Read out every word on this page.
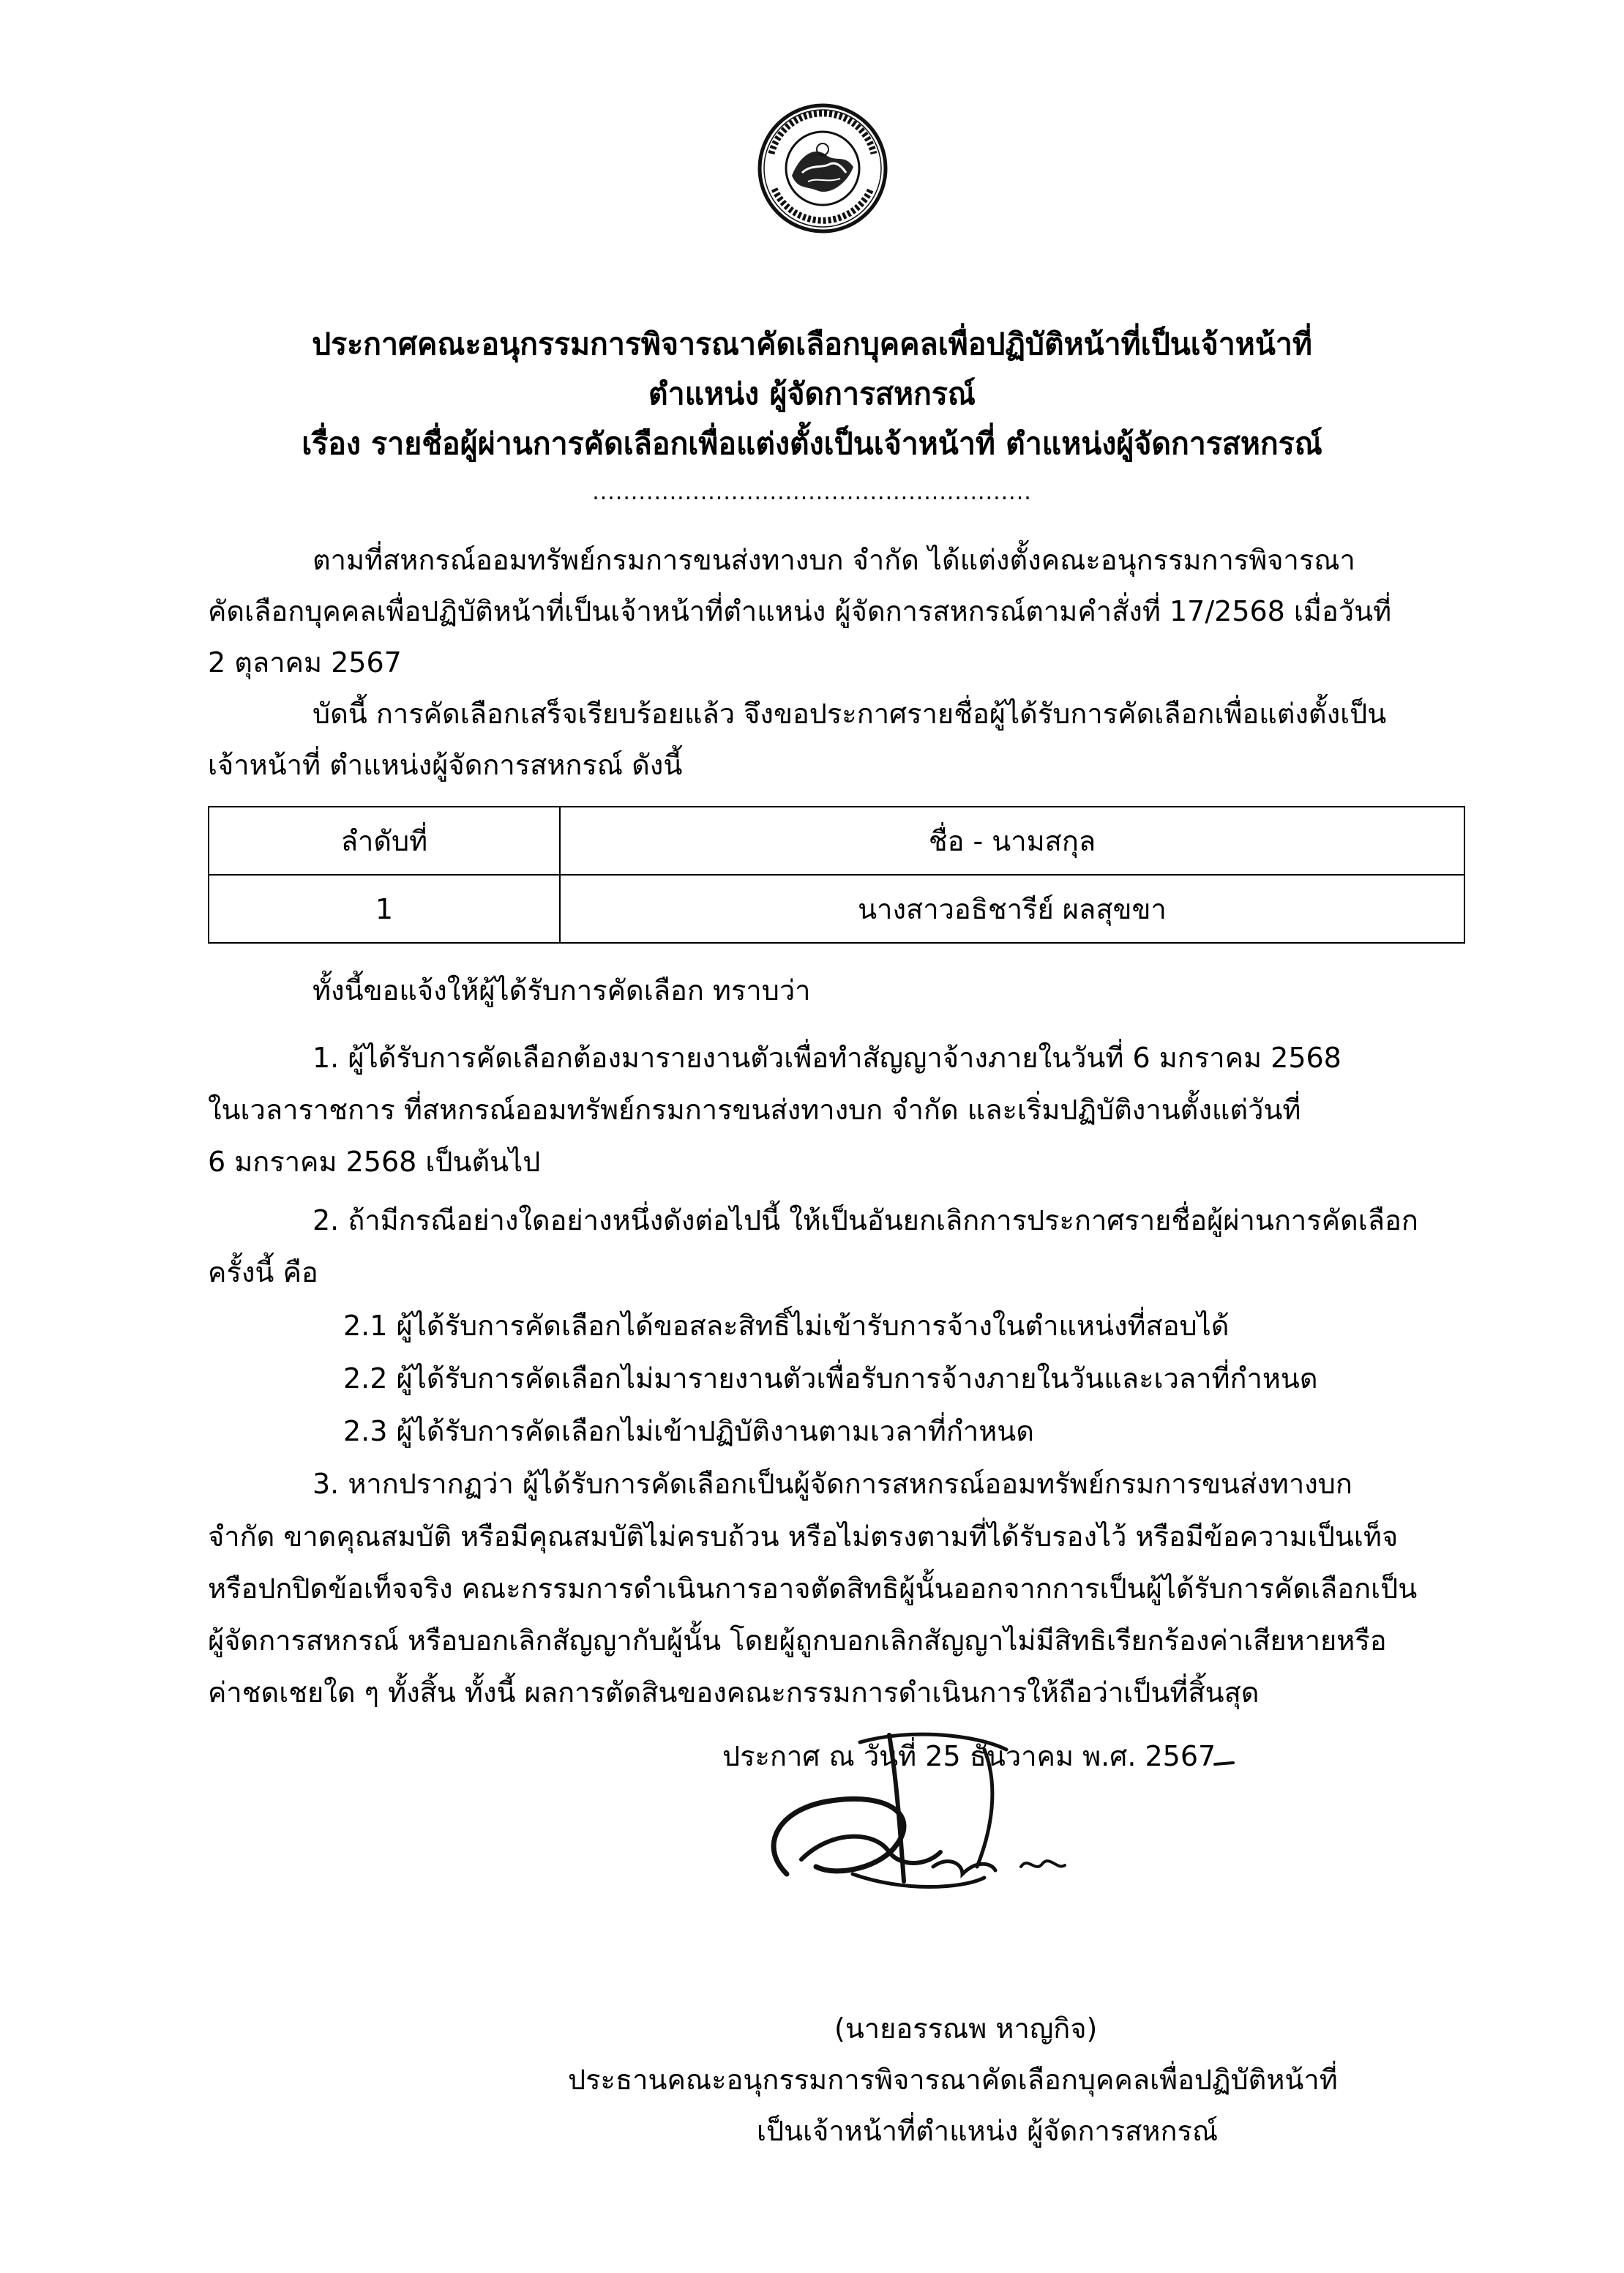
ประกาศคณะอนุกรรมการพิจารณาคัดเลือกบุคคลเพื่อปฏิบัติหน้าที่เป็นเจ้าหน้าที่
ตำแหน่ง ผู้จัดการสหกรณ์
เรื่อง รายชื่อผู้ผ่านการคัดเลือกเพื่อแต่งตั้งเป็นเจ้าหน้าที่ ตำแหน่งผู้จัดการสหกรณ์
.........................................................
ตามที่สหกรณ์ออมทรัพย์กรมการขนส่งทางบก จำกัด ได้แต่งตั้งคณะอนุกรรมการพิจารณา
คัดเลือกบุคคลเพื่อปฏิบัติหน้าที่เป็นเจ้าหน้าที่ตำแหน่ง ผู้จัดการสหกรณ์ตามคำสั่งที่ 17/2568 เมื่อวันที่
2 ตุลาคม 2567
บัดนี้ การคัดเลือกเสร็จเรียบร้อยแล้ว จึงขอประกาศรายชื่อผู้ได้รับการคัดเลือกเพื่อแต่งตั้งเป็น
เจ้าหน้าที่ ตำแหน่งผู้จัดการสหกรณ์ ดังนี้
ลำดับที่	ชื่อ - นามสกุล
1	นางสาวอธิชารีย์ ผลสุขขา
ทั้งนี้ขอแจ้งให้ผู้ได้รับการคัดเลือก ทราบว่า
1. ผู้ได้รับการคัดเลือกต้องมารายงานตัวเพื่อทำสัญญาจ้างภายในวันที่ 6 มกราคม 2568
ในเวลาราชการ ที่สหกรณ์ออมทรัพย์กรมการขนส่งทางบก จำกัด และเริ่มปฏิบัติงานตั้งแต่วันที่
6 มกราคม 2568 เป็นต้นไป
2. ถ้ามีกรณีอย่างใดอย่างหนึ่งดังต่อไปนี้ ให้เป็นอันยกเลิกการประกาศรายชื่อผู้ผ่านการคัดเลือก
ครั้งนี้ คือ
2.1 ผู้ได้รับการคัดเลือกได้ขอสละสิทธิ์ไม่เข้ารับการจ้างในตำแหน่งที่สอบได้
2.2 ผู้ได้รับการคัดเลือกไม่มารายงานตัวเพื่อรับการจ้างภายในวันและเวลาที่กำหนด
2.3 ผู้ได้รับการคัดเลือกไม่เข้าปฏิบัติงานตามเวลาที่กำหนด
3. หากปรากฏว่า ผู้ได้รับการคัดเลือกเป็นผู้จัดการสหกรณ์ออมทรัพย์กรมการขนส่งทางบก
จำกัด ขาดคุณสมบัติ หรือมีคุณสมบัติไม่ครบถ้วน หรือไม่ตรงตามที่ได้รับรองไว้ หรือมีข้อความเป็นเท็จ
หรือปกปิดข้อเท็จจริง คณะกรรมการดำเนินการอาจตัดสิทธิผู้นั้นออกจากการเป็นผู้ได้รับการคัดเลือกเป็น
ผู้จัดการสหกรณ์ หรือบอกเลิกสัญญากับผู้นั้น โดยผู้ถูกบอกเลิกสัญญาไม่มีสิทธิเรียกร้องค่าเสียหายหรือ
ค่าชดเชยใด ๆ ทั้งสิ้น ทั้งนี้ ผลการตัดสินของคณะกรรมการดำเนินการให้ถือว่าเป็นที่สิ้นสุด
ประกาศ ณ วันที่ 25 ธันวาคม พ.ศ. 2567
(นายอรรณพ หาญกิจ)
ประธานคณะอนุกรรมการพิจารณาคัดเลือกบุคคลเพื่อปฏิบัติหน้าที่
เป็นเจ้าหน้าที่ตำแหน่ง ผู้จัดการสหกรณ์
